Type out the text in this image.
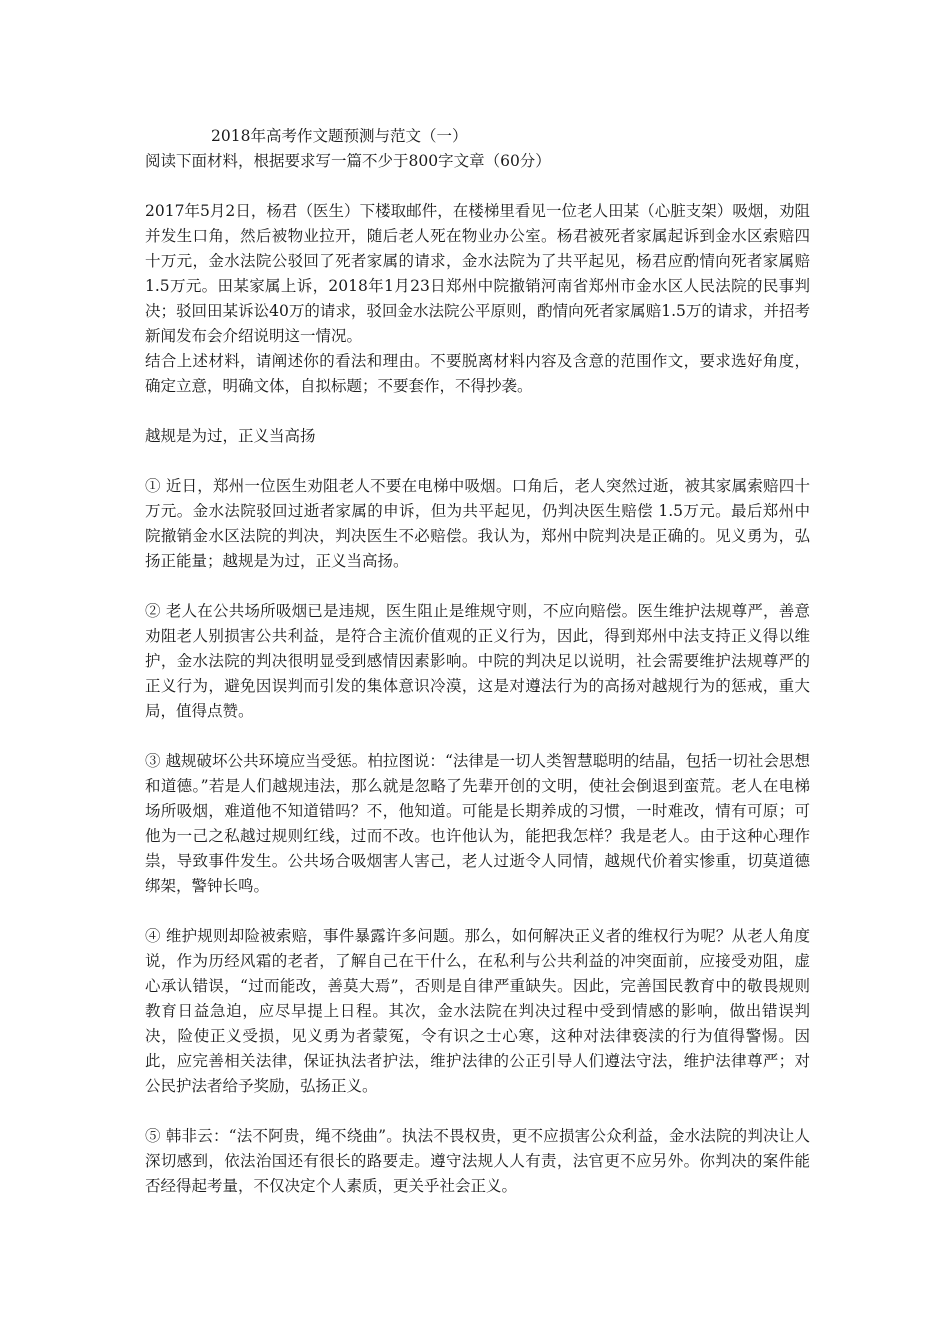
2018年高考作文题预测与范文（一）

阅读下面材料，根据要求写一篇不少于800字文章（60分）

2017年5月2日，杨君（医生）下楼取邮件，在楼梯里看见一位老人田某（心脏支架）吸烟，劝阻并发生口角，然后被物业拉开，随后老人死在物业办公室。杨君被死者家属起诉到金水区索赔四十万元，金水法院公驳回了死者家属的请求，金水法院为了共平起见，杨君应酌情向死者家属赔1.5万元。田某家属上诉，2018年1月23日郑州中院撤销河南省郑州市金水区人民法院的民事判决；驳回田某诉讼40万的请求，驳回金水法院公平原则，酌情向死者家属赔1.5万的请求，并招考新闻发布会介绍说明这一情况。

结合上述材料，请阐述你的看法和理由。不要脱离材料内容及含意的范围作文，要求选好角度，确定立意，明确文体，自拟标题；不要套作，不得抄袭。

越规是为过，正义当高扬

① 近日，郑州一位医生劝阻老人不要在电梯中吸烟。口角后，老人突然过逝，被其家属索赔四十万元。金水法院驳回过逝者家属的申诉，但为共平起见，仍判决医生赔偿 1.5万元。最后郑州中院撤销金水区法院的判决，判决医生不必赔偿。我认为，郑州中院判决是正确的。见义勇为，弘扬正能量；越规是为过，正义当高扬。

② 老人在公共场所吸烟已是违规，医生阻止是维规守则，不应向赔偿。医生维护法规尊严，善意劝阻老人别损害公共利益，是符合主流价值观的正义行为，因此，得到郑州中法支持正义得以维护，金水法院的判决很明显受到感情因素影响。中院的判决足以说明，社会需要维护法规尊严的正义行为，避免因误判而引发的集体意识冷漠，这是对遵法行为的高扬对越规行为的惩戒，重大局，值得点赞。

③ 越规破坏公共环境应当受惩。柏拉图说：“法律是一切人类智慧聪明的结晶，包括一切社会思想和道德。”若是人们越规违法，那么就是忽略了先辈开创的文明，使社会倒退到蛮荒。老人在电梯场所吸烟，难道他不知道错吗？不，他知道。可能是长期养成的习惯，一时难改，情有可原；可他为一己之私越过规则红线，过而不改。也许他认为，能把我怎样？我是老人。由于这种心理作祟，导致事件发生。公共场合吸烟害人害己，老人过逝令人同情，越规代价着实惨重，切莫道德绑架，警钟长鸣。

④ 维护规则却险被索赔，事件暴露许多问题。那么，如何解决正义者的维权行为呢？从老人角度说，作为历经风霜的老者，了解自己在干什么，在私利与公共利益的冲突面前，应接受劝阻，虚心承认错误，“过而能改，善莫大焉”，否则是自律严重缺失。因此，完善国民教育中的敬畏规则教育日益急迫，应尽早提上日程。其次，金水法院在判决过程中受到情感的影响，做出错误判决，险使正义受损，见义勇为者蒙冤，令有识之士心寒，这种对法律亵渎的行为值得警惕。因此，应完善相关法律，保证执法者护法，维护法律的公正引导人们遵法守法，维护法律尊严；对公民护法者给予奖励，弘扬正义。

⑤ 韩非云：“法不阿贵，绳不绕曲”。执法不畏权贵，更不应损害公众利益，金水法院的判决让人深切感到，依法治国还有很长的路要走。遵守法规人人有责，法官更不应另外。你判决的案件能否经得起考量，不仅决定个人素质，更关乎社会正义。
